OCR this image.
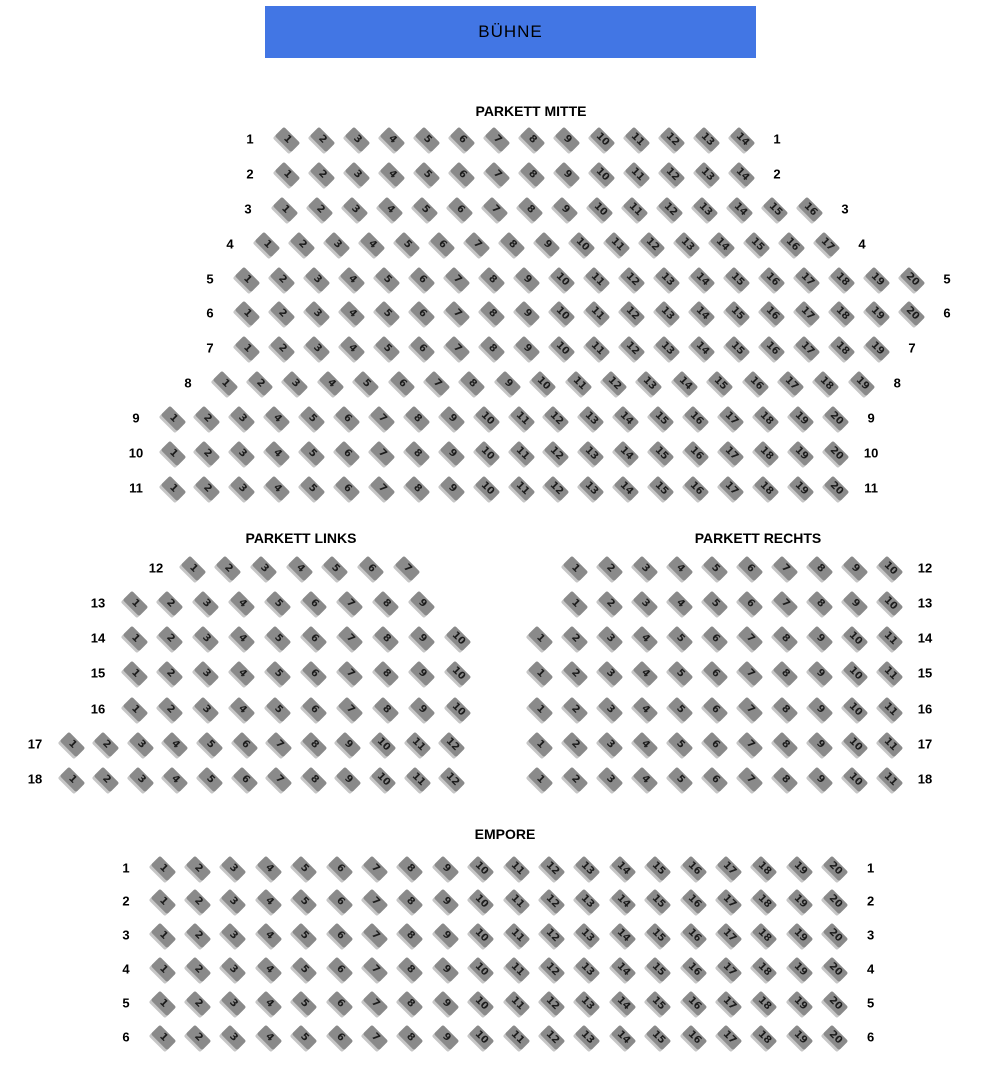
BÜHNE
PARKETT MITTE
1	1
1 2 3 4 5 6 7 8 9 10 11 12 13 14
2	2
1 2 3 4 5 6 7 8 9 10 11 12 13 14
3	3
1 2 3 4 5 6 7 8 9 10 11 12 13 14 15 16
4	4
1 2 3 4 5 6 7 8 9 10 11 12 13 14 15 16 17
5	5
1 2 3 4 5 6 7 8 9 10 11 12 13 14 15 16 17 18 19 20
6	6
1 2 3 4 5 6 7 8 9 10 11 12 13 14 15 16 17 18 19 20
7	7
1 2 3 4 5 6 7 8 9 10 11 12 13 14 15 16 17 18 19
8	8
1 2 3 4 5 6 7 8 9 10 11 12 13 14 15 16 17 18 19
9	9
1 2 3 4 5 6 7 8 9 10 11 12 13 14 15 16 17 18 19 20
10	10
1 2 3 4 5 6 7 8 9 10 11 12 13 14 15 16 17 18 19 20
11	11
1 2 3 4 5 6 7 8 9 10 11 12 13 14 15 16 17 18 19 20
PARKETT LINKS
12 1 2 3 4 5 6 7
13 1 2 3 4 5 6 7 8 9
14 1 2 3 4 5 6 7 8 9 10
15 1 2 3 4 5 6 7 8 9 10
16 1 2 3 4 5 6 7 8 9 10
17 1 2 3 4 5 6 7 8 9 10 11 12
18 1 2 3 4 5 6 7 8 9 10 11 12
PARKETT RECHTS
12
1 2 3 4 5 6 7 8 9 10
13
1 2 3 4 5 6 7 8 9 10
14
1 2 3 4 5 6 7 8 9 10 11
15
1 2 3 4 5 6 7 8 9 10 11
16
1 2 3 4 5 6 7 8 9 10 11
17
1 2 3 4 5 6 7 8 9 10 11
18
1 2 3 4 5 6 7 8 9 10 11
EMPORE
1	1
1 2 3 4 5 6 7 8 9 10 11 12 13 14 15 16 17 18 19 20
2	2
1 2 3 4 5 6 7 8 9 10 11 12 13 14 15 16 17 18 19 20
3	3
1 2 3 4 5 6 7 8 9 10 11 12 13 14 15 16 17 18 19 20
4	4
1 2 3 4 5 6 7 8 9 10 11 12 13 14 15 16 17 18 19 20
5	5
1 2 3 4 5 6 7 8 9 10 11 12 13 14 15 16 17 18 19 20
6	6
1 2 3 4 5 6 7 8 9 10 11 12 13 14 15 16 17 18 19 20
